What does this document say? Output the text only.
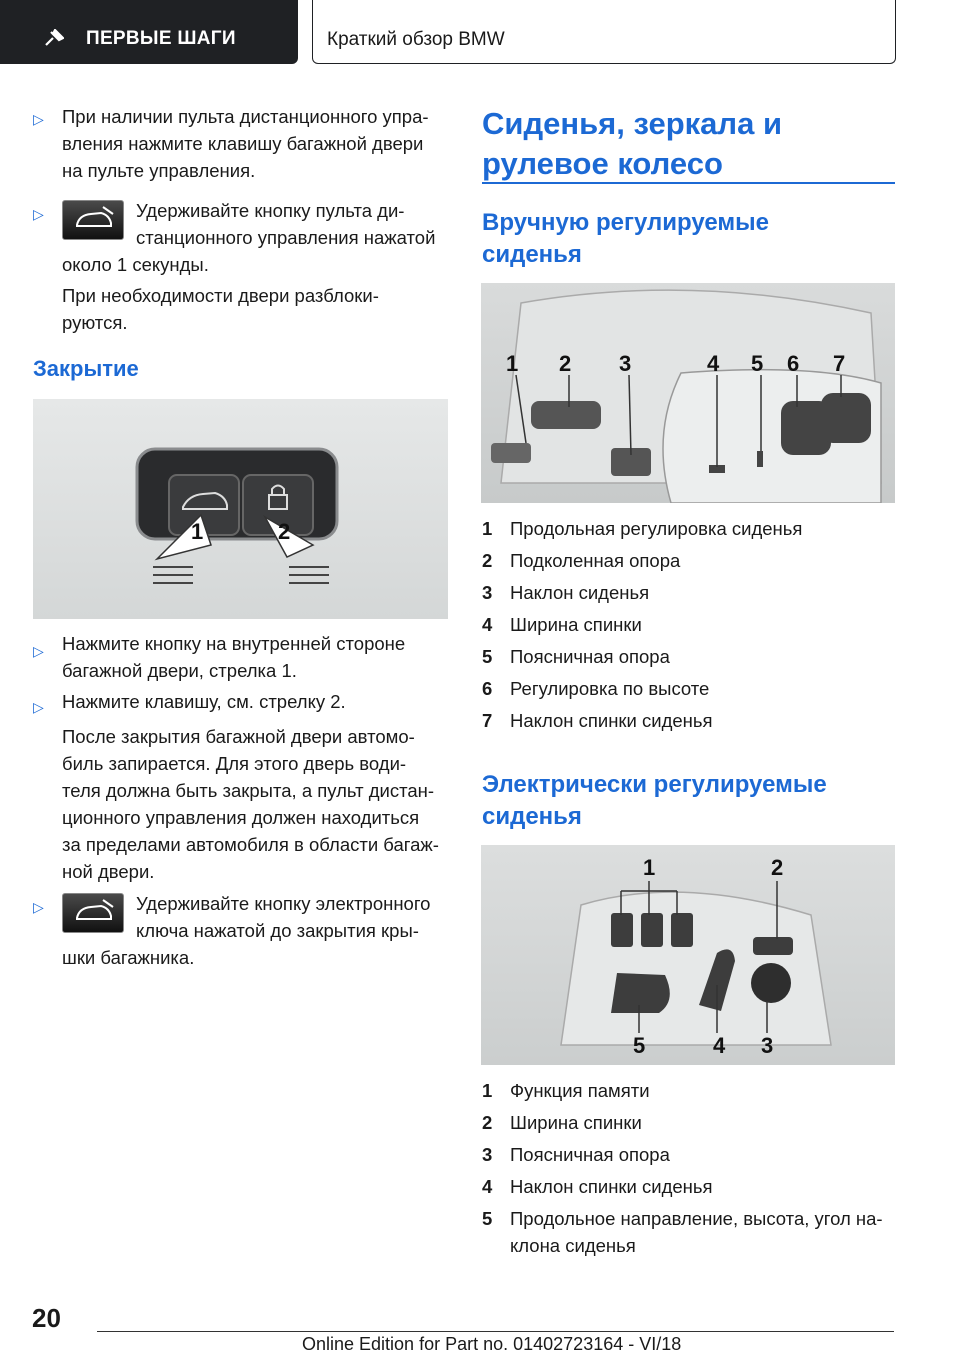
ПЕРВЫЕ ШАГИ	Краткий обзор BMW
▷ При наличии пульта дистанционного упра-
вления нажмите клавишу багажной двери
на пульте управления.
▷	Удерживайте кнопку пульта ди-
станционного управления нажатой
около 1 секунды.
При необходимости двери разблоки-
руются.
Закрытие
1	2
▷ Нажмите кнопку на внутренней стороне
багажной двери, стрелка 1.
▷ Нажмите клавишу, см. стрелку 2.
После закрытия багажной двери автомо-
биль запирается. Для этого дверь води-
теля должна быть закрыта, а пульт дистан-
ционного управления должен находиться
за пределами автомобиля в области багаж-
ной двери.
▷	Удерживайте кнопку электронного
ключа нажатой до закрытия кры-
шки багажника.
Сиденья, зеркала и
рулевое колесо
Вручную регулируемые
сиденья
1 2 3	4 5 6 7
1 Продольная регулировка сиденья
2 Подколенная опора
3 Наклон сиденья
4 Ширина спинки
5 Поясничная опора
6 Регулировка по высоте
7 Наклон спинки сиденья
Электрически регулируемые
сиденья
1	2
5	4 3
1 Функция памяти
2 Ширина спинки
3 Поясничная опора
4 Наклон спинки сиденья
5 Продольное направление, высота, угол на-
клона сиденья
20
Online Edition for Part no. 01402723164 - VI/18
